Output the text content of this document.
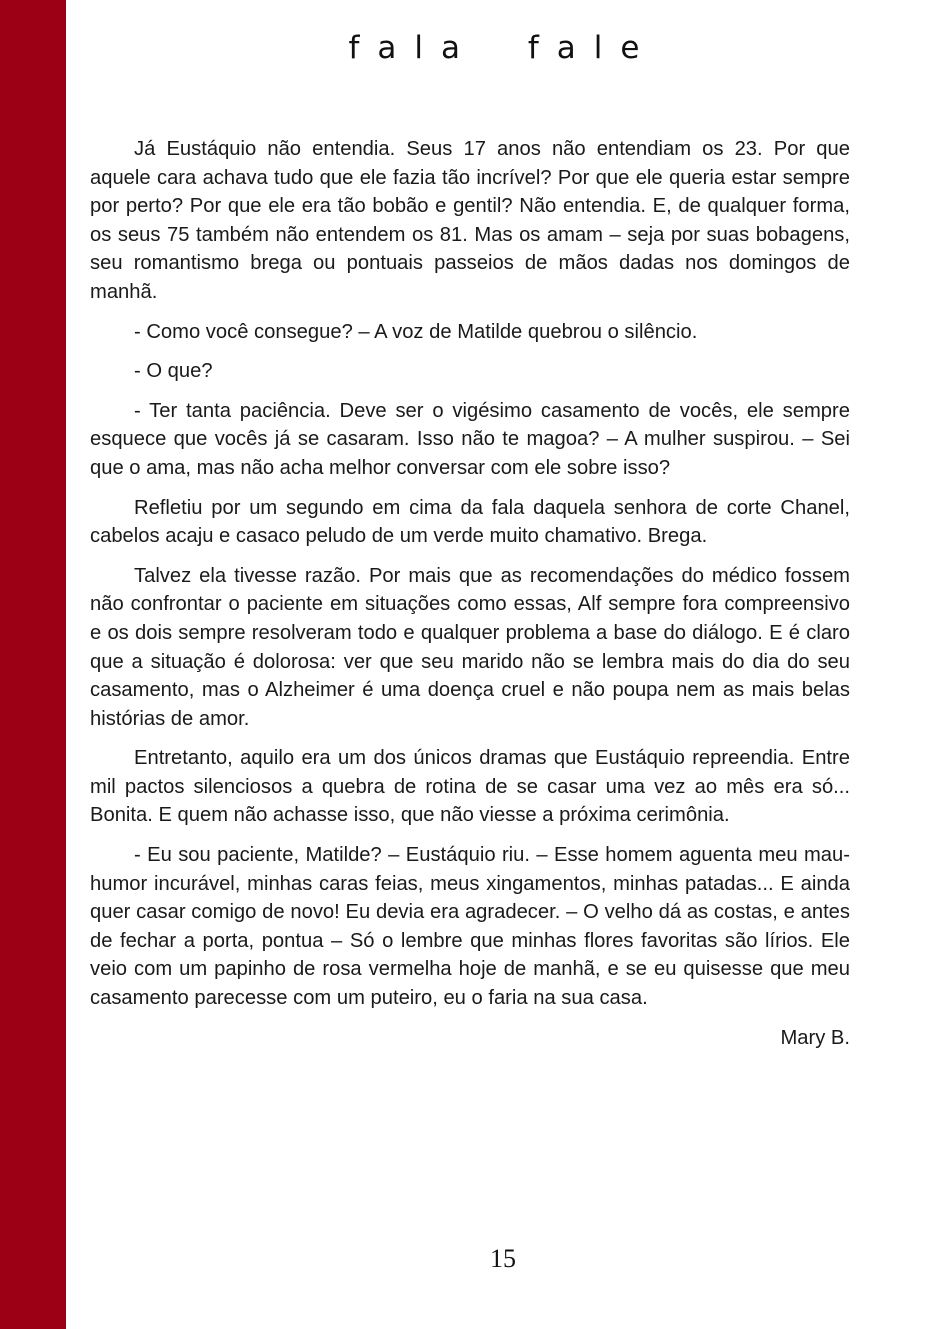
fala fale

Já Eustáquio não entendia. Seus 17 anos não entendiam os 23. Por que aquele cara achava tudo que ele fazia tão incrível? Por que ele queria estar sempre por perto? Por que ele era tão bobão e gentil? Não entendia. E, de qualquer forma, os seus 75 também não entendem os 81. Mas os amam – seja por suas bobagens, seu romantismo brega ou pontuais passeios de mãos dadas nos domingos de manhã.

- Como você consegue? – A voz de Matilde quebrou o silêncio.

- O que?

- Ter tanta paciência. Deve ser o vigésimo casamento de vocês, ele sempre esquece que vocês já se casaram. Isso não te magoa? – A mulher suspirou. – Sei que o ama, mas não acha melhor conversar com ele sobre isso?

Refletiu por um segundo em cima da fala daquela senhora de corte Chanel, cabelos acaju e casaco peludo de um verde muito chamativo. Brega.

Talvez ela tivesse razão. Por mais que as recomendações do médico fossem não confrontar o paciente em situações como essas, Alf sempre fora compreensivo e os dois sempre resolveram todo e qualquer problema a base do diálogo. E é claro que a situação é dolorosa: ver que seu marido não se lembra mais do dia do seu casamento, mas o Alzheimer é uma doença cruel e não poupa nem as mais belas histórias de amor.

Entretanto, aquilo era um dos únicos dramas que Eustáquio repreendia. Entre mil pactos silenciosos a quebra de rotina de se casar uma vez ao mês era só... Bonita. E quem não achasse isso, que não viesse a próxima cerimônia.

- Eu sou paciente, Matilde? – Eustáquio riu. – Esse homem aguenta meu mau-humor incurável, minhas caras feias, meus xingamentos, minhas patadas... E ainda quer casar comigo de novo! Eu devia era agradecer. – O velho dá as costas, e antes de fechar a porta, pontua – Só o lembre que minhas flores favoritas são lírios. Ele veio com um papinho de rosa vermelha hoje de manhã, e se eu quisesse que meu casamento parecesse com um puteiro, eu o faria na sua casa.

Mary B.
15
